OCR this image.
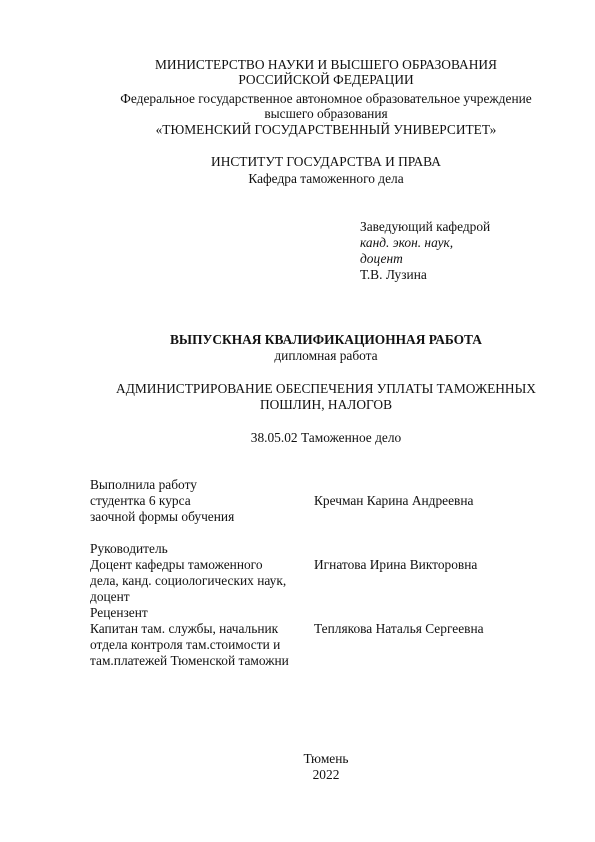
МИНИСТЕРСТВО НАУКИ И ВЫСШЕГО ОБРАЗОВАНИЯ
РОССИЙСКОЙ ФЕДЕРАЦИИ
Федеральное государственное автономное образовательное учреждение
высшего образования
«ТЮМЕНСКИЙ ГОСУДАРСТВЕННЫЙ УНИВЕРСИТЕТ»
ИНСТИТУТ ГОСУДАРСТВА И ПРАВА
Кафедра таможенного дела
Заведующий кафедрой
канд. экон. наук,
доцент
Т.В. Лузина
ВЫПУСКНАЯ КВАЛИФИКАЦИОННАЯ РАБОТА
дипломная работа
АДМИНИСТРИРОВАНИЕ ОБЕСПЕЧЕНИЯ УПЛАТЫ ТАМОЖЕННЫХ
ПОШЛИН, НАЛОГОВ
38.05.02 Таможенное дело
Выполнила работу
студентка 6 курса
заочной формы обучения
Кречман Карина Андреевна
Руководитель
Доцент кафедры таможенного
дела, канд. социологических наук,
доцент
Игнатова Ирина Викторовна
Рецензент
Капитан там. службы, начальник
отдела контроля там.стоимости и
там.платежей Тюменской таможни
Теплякова Наталья Сергеевна
Тюмень
2022
